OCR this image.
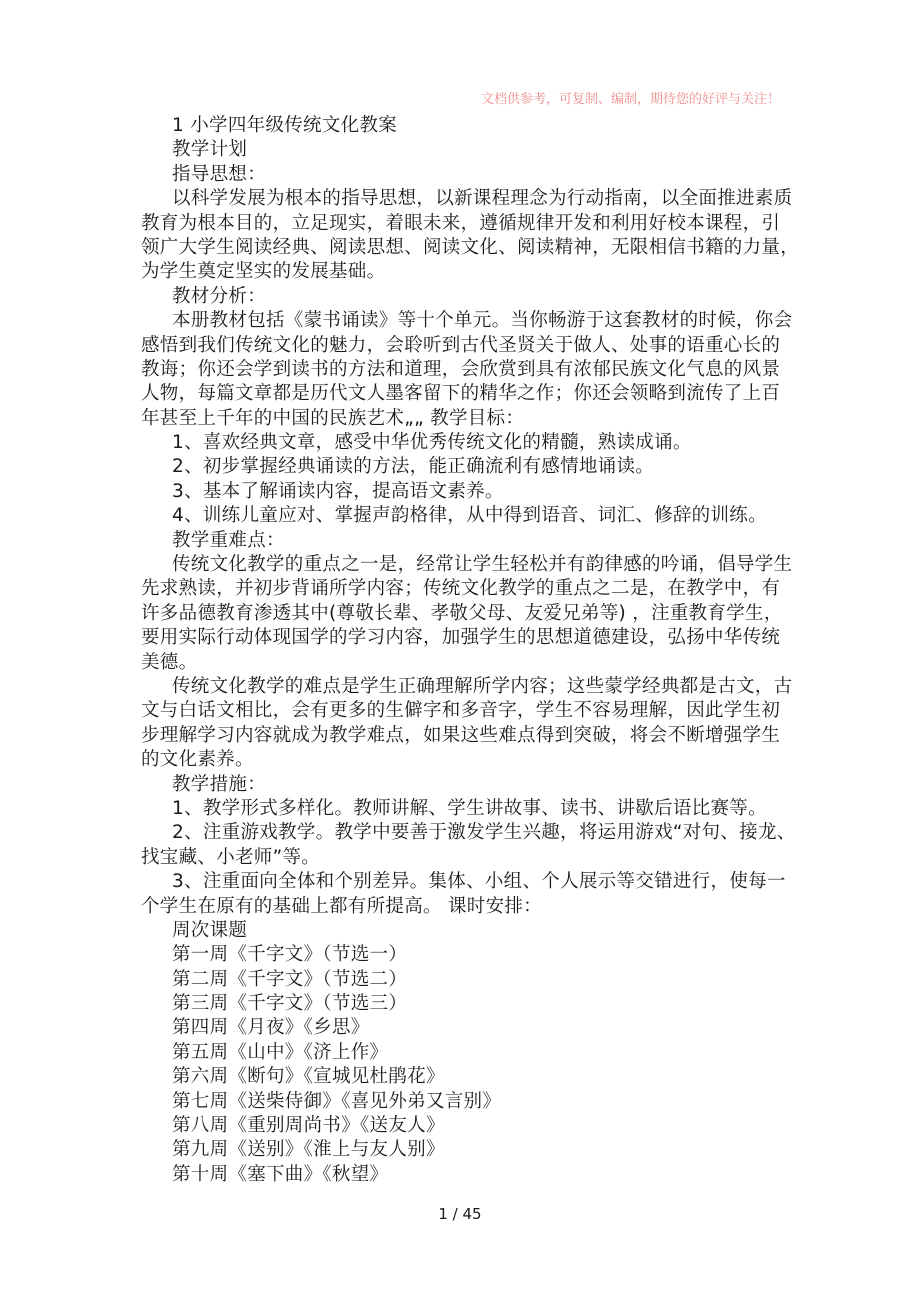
文档供参考，可复制、编制，期待您的好评与关注！
1 小学四年级传统文化教案
教学计划
指导思想：
以科学发展为根本的指导思想，以新课程理念为行动指南，以全面推进素质
教育为根本目的，立足现实，着眼未来，遵循规律开发和利用好校本课程，引
领广大学生阅读经典、阅读思想、阅读文化、阅读精神，无限相信书籍的力量，
为学生奠定坚实的发展基础。
教材分析：
本册教材包括《蒙书诵读》等十个单元。当你畅游于这套教材的时候，你会
感悟到我们传统文化的魅力，会聆听到古代圣贤关于做人、处事的语重心长的
教诲；你还会学到读书的方法和道理，会欣赏到具有浓郁民族文化气息的风景
人物，每篇文章都是历代文人墨客留下的精华之作；你还会领略到流传了上百
年甚至上千年的中国的民族艺术„„ 教学目标：
1、喜欢经典文章，感受中华优秀传统文化的精髓，熟读成诵。
2、初步掌握经典诵读的方法，能正确流利有感情地诵读。
3、基本了解诵读内容，提高语文素养。
4、训练儿童应对、掌握声韵格律，从中得到语音、词汇、修辞的训练。
教学重难点：
传统文化教学的重点之一是，经常让学生轻松并有韵律感的吟诵，倡导学生
先求熟读，并初步背诵所学内容；传统文化教学的重点之二是，在教学中，有
许多品德教育渗透其中(尊敬长辈、孝敬父母、友爱兄弟等) ，注重教育学生，
要用实际行动体现国学的学习内容，加强学生的思想道德建设，弘扬中华传统
美德。
传统文化教学的难点是学生正确理解所学内容；这些蒙学经典都是古文，古
文与白话文相比，会有更多的生僻字和多音字，学生不容易理解，因此学生初
步理解学习内容就成为教学难点，如果这些难点得到突破，将会不断增强学生
的文化素养。
教学措施：
1、教学形式多样化。教师讲解、学生讲故事、读书、讲歇后语比赛等。
2、注重游戏教学。教学中要善于激发学生兴趣，将运用游戏“对句、接龙、
找宝藏、小老师”等。
3、注重面向全体和个别差异。集体、小组、个人展示等交错进行，使每一
个学生在原有的基础上都有所提高。 课时安排：
周次课题
第一周《千字文》（节选一）
第二周《千字文》（节选二）
第三周《千字文》（节选三）
第四周《月夜》《乡思》
第五周《山中》《济上作》
第六周《断句》《宣城见杜鹃花》
第七周《送柴侍御》《喜见外弟又言别》
第八周《重别周尚书》《送友人》
第九周《送别》《淮上与友人别》
第十周《塞下曲》《秋望》
1 / 45
